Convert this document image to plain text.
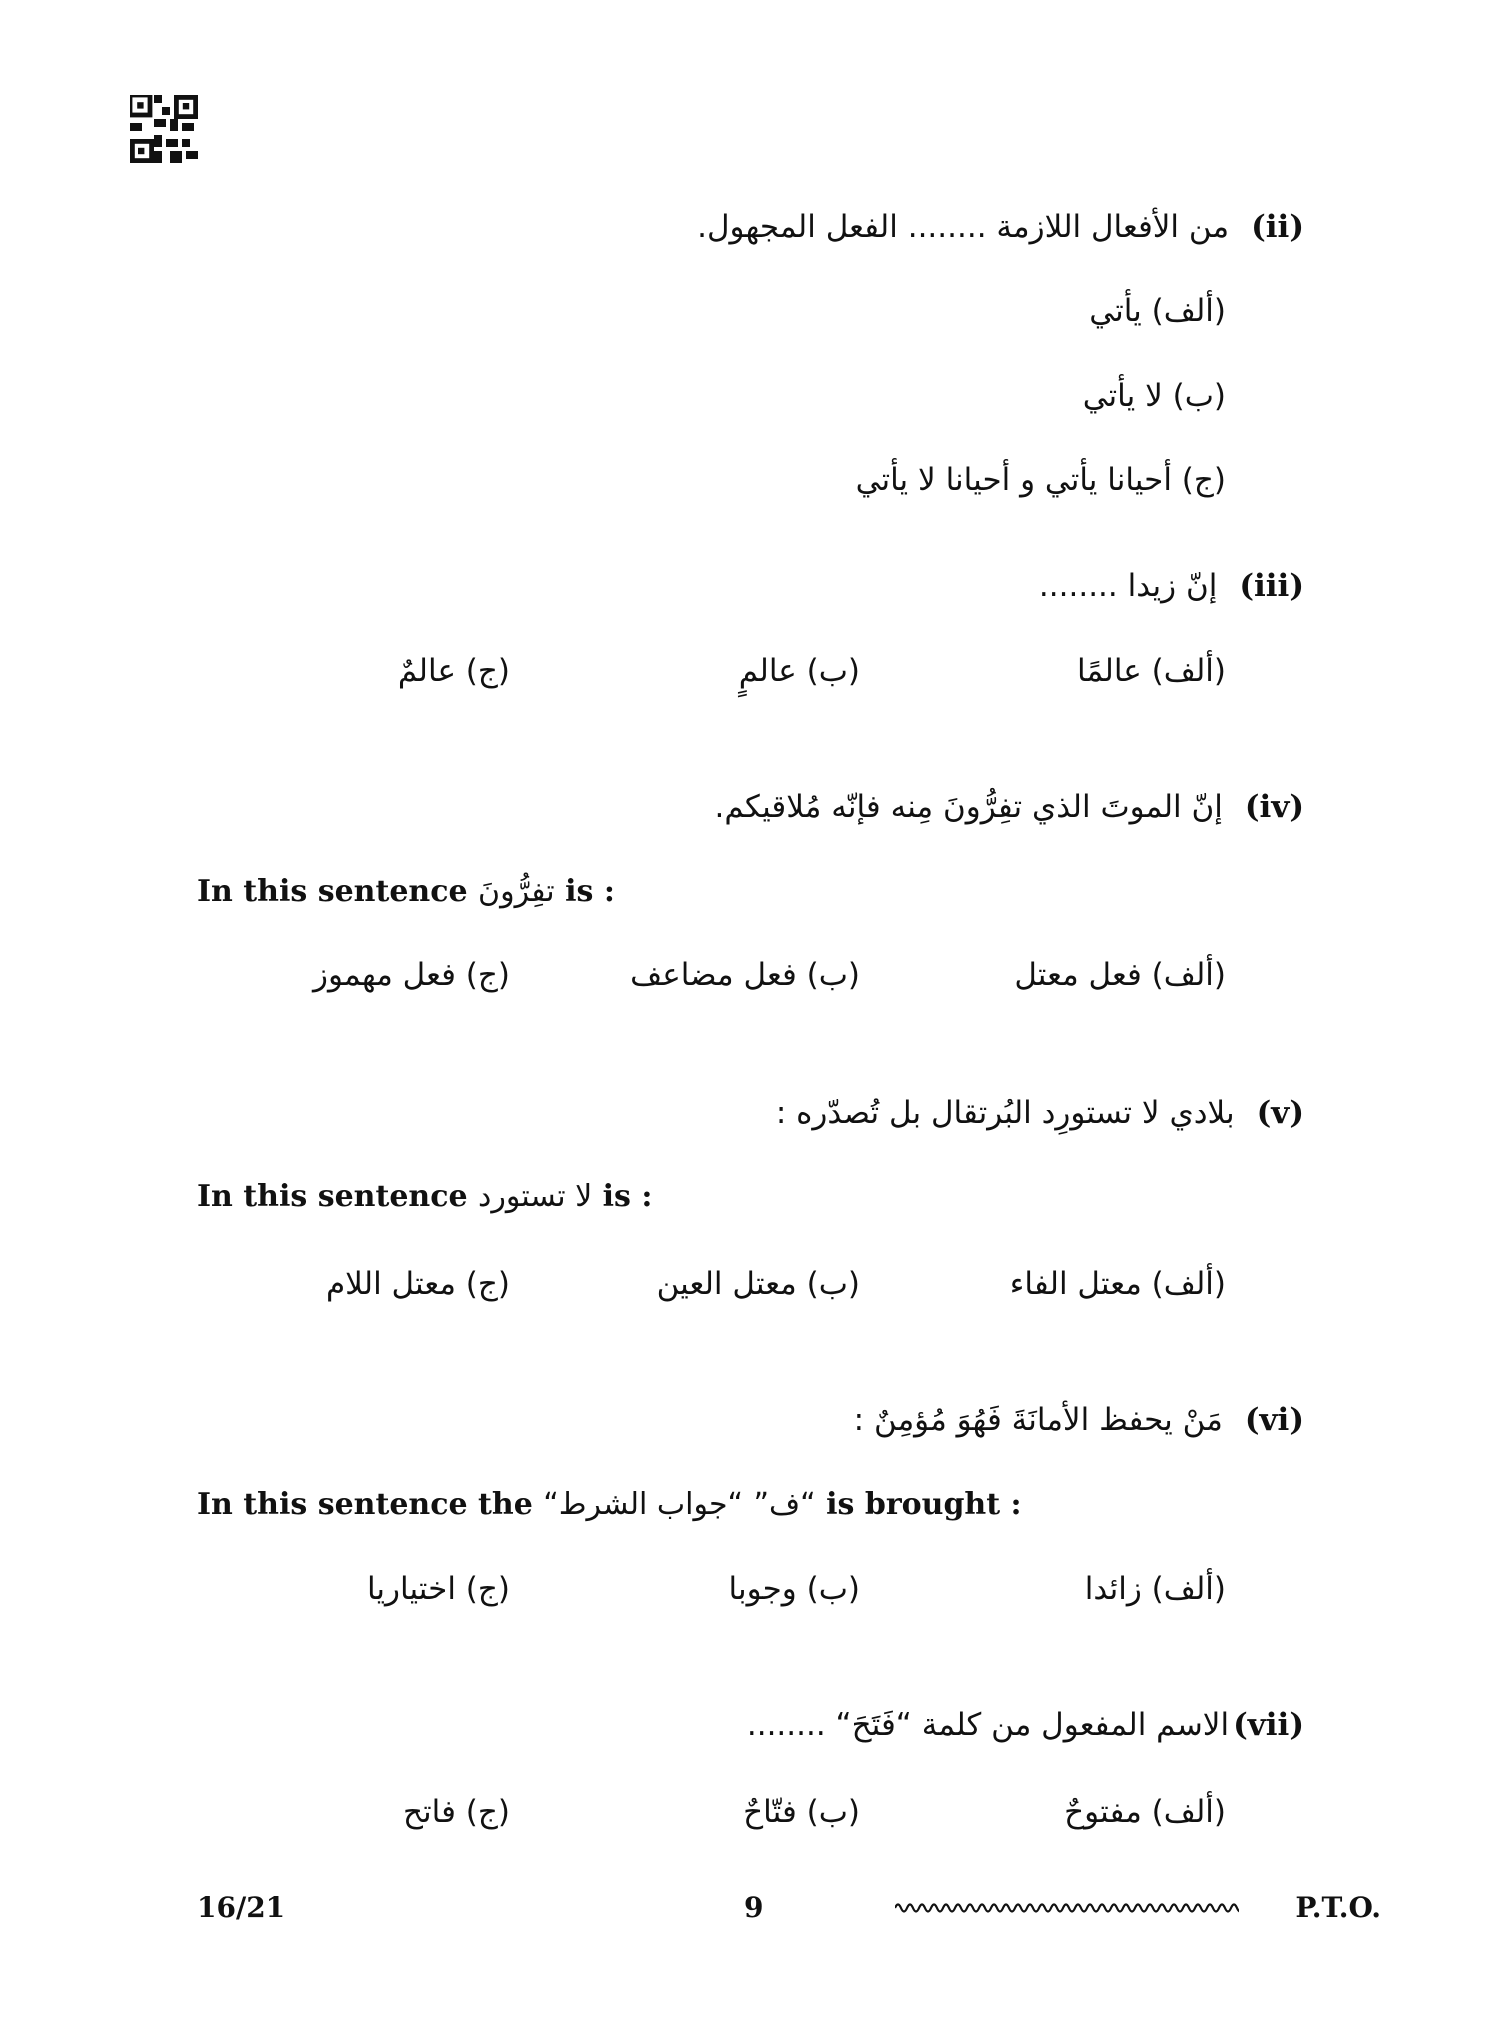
(ii)من الأفعال اللازمة ........ الفعل المجهول.
(ألف) يأتي
(ب) لا يأتي
(ج) أحيانا يأتي و أحيانا لا يأتي
(iii)إنّ زيدا ........
(ألف) عالمًا
(ب) عالمٍ
(ج) عالمٌ
(iv)إنّ الموتَ الذي تفِرُّونَ مِنه فإنّه مُلاقيكم.
In this sentence تفِرُّونَ is :
(ألف) فعل معتل
(ب) فعل مضاعف
(ج) فعل مهموز
(v)بلادي لا تستورِد البُرتقال بل تُصدّره :
In this sentence لا تستورد is :
(ألف) معتل الفاء
(ب) معتل العين
(ج) معتل اللام
(vi)مَنْ يحفظ الأمانَةَ فَهُوَ مُؤمِنٌ :
In this sentence the “جواب الشرط“ “ف” is brought :
(ألف) زائدا
(ب) وجوبا
(ج) اختياريا
(vii)الاسم المفعول من كلمة “فَتَحَ“ ........
(ألف) مفتوحٌ
(ب) فتّاحٌ
(ج) فاتح
16/21	9	P.T.O.
